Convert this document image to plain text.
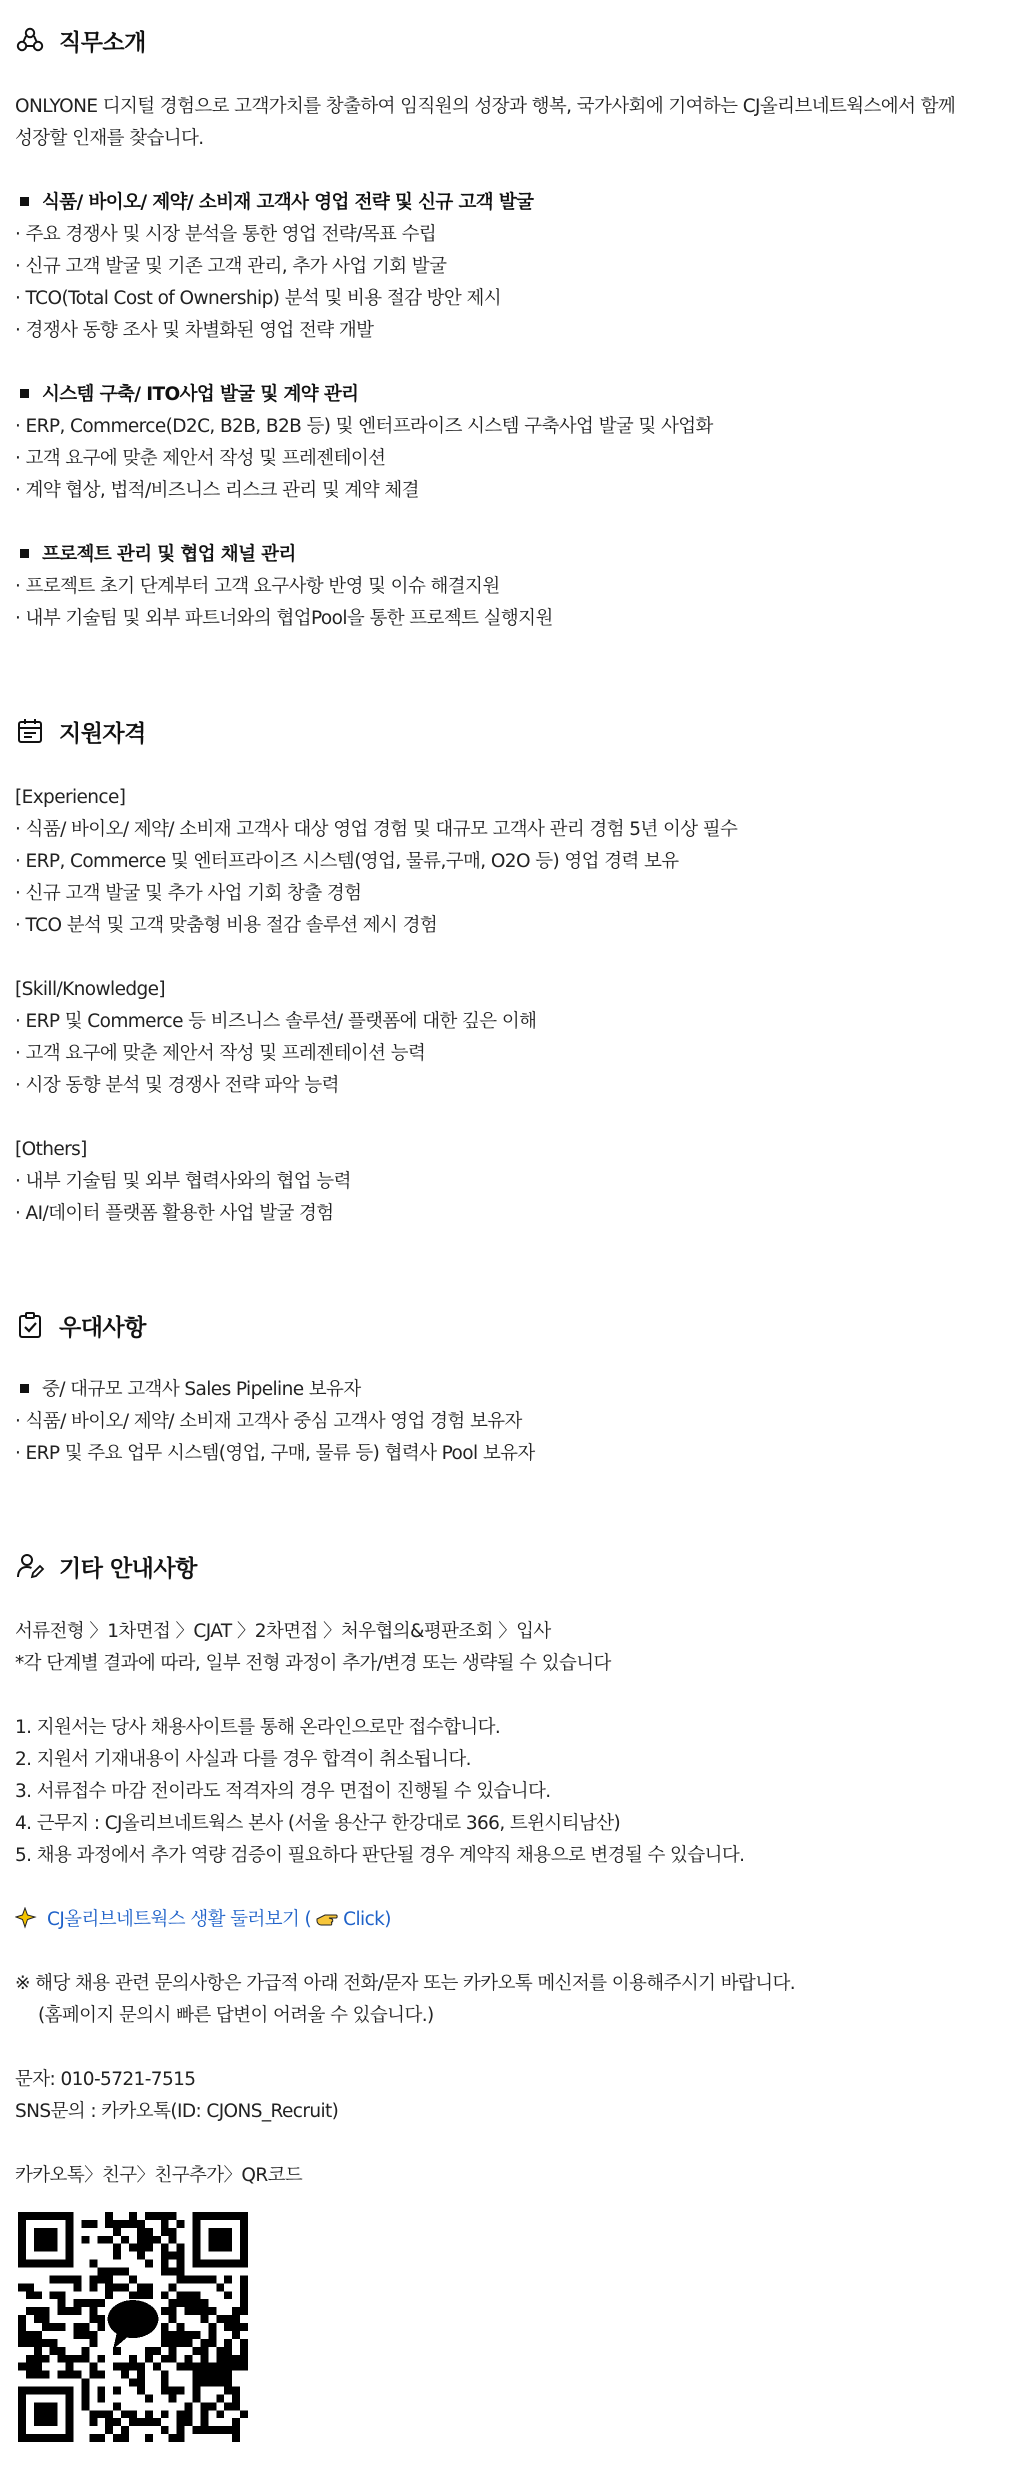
직무소개
ONLYONE 디지털 경험으로 고객가치를 창출하여 임직원의 성장과 행복, 국가사회에 기여하는 CJ올리브네트웍스에서 함께
성장할 인재를 찾습니다.
식품/ 바이오/ 제약/ 소비재 고객사 영업 전략 및 신규 고객 발굴
· 주요 경쟁사 및 시장 분석을 통한 영업 전략/목표 수립
· 신규 고객 발굴 및 기존 고객 관리, 추가 사업 기회 발굴
· TCO(Total Cost of Ownership) 분석 및 비용 절감 방안 제시
· 경쟁사 동향 조사 및 차별화된 영업 전략 개발
시스템 구축/ ITO사업 발굴 및 계약 관리
· ERP, Commerce(D2C, B2B, B2B 등) 및 엔터프라이즈 시스템 구축사업 발굴 및 사업화
· 고객 요구에 맞춘 제안서 작성 및 프레젠테이션
· 계약 협상, 법적/비즈니스 리스크 관리 및 계약 체결
프로젝트 관리 및 협업 채널 관리
· 프로젝트 초기 단계부터 고객 요구사항 반영 및 이슈 해결지원
· 내부 기술팀 및 외부 파트너와의 협업Pool을 통한 프로젝트 실행지원
지원자격
[Experience]
· 식품/ 바이오/ 제약/ 소비재 고객사 대상 영업 경험 및 대규모 고객사 관리 경험 5년 이상 필수
· ERP, Commerce 및 엔터프라이즈 시스템(영업, 물류,구매, O2O 등) 영업 경력 보유
· 신규 고객 발굴 및 추가 사업 기회 창출 경험
· TCO 분석 및 고객 맞춤형 비용 절감 솔루션 제시 경험
[Skill/Knowledge]
· ERP 및 Commerce 등 비즈니스 솔루션/ 플랫폼에 대한 깊은 이해
· 고객 요구에 맞춘 제안서 작성 및 프레젠테이션 능력
· 시장 동향 분석 및 경쟁사 전략 파악 능력
[Others]
· 내부 기술팀 및 외부 협력사와의 협업 능력
· AI/데이터 플랫폼 활용한 사업 발굴 경험
우대사항
중/ 대규모 고객사 Sales Pipeline 보유자
· 식품/ 바이오/ 제약/ 소비재 고객사 중심 고객사 영업 경험 보유자
· ERP 및 주요 업무 시스템(영업, 구매, 물류 등) 협력사 Pool 보유자
기타 안내사항
서류전형 〉1차면접 〉CJAT 〉2차면접 〉처우협의&평판조회 〉입사
*각 단계별 결과에 따라, 일부 전형 과정이 추가/변경 또는 생략될 수 있습니다
1. 지원서는 당사 채용사이트를 통해 온라인으로만 접수합니다.
2. 지원서 기재내용이 사실과 다를 경우 합격이 취소됩니다.
3. 서류접수 마감 전이라도 적격자의 경우 면접이 진행될 수 있습니다.
4. 근무지 : CJ올리브네트웍스 본사 (서울 용산구 한강대로 366, 트윈시티남산)
5. 채용 과정에서 추가 역량 검증이 필요하다 판단될 경우 계약직 채용으로 변경될 수 있습니다.
CJ올리브네트웍스 생활 둘러보기 ( Click)
※ 해당 채용 관련 문의사항은 가급적 아래 전화/문자 또는 카카오톡 메신저를 이용해주시기 바랍니다.
(홈페이지 문의시 빠른 답변이 어려울 수 있습니다.)
문자: 010-5721-7515
SNS문의 : 카카오톡(ID: CJONS_Recruit)
카카오톡〉친구〉친구추가〉QR코드
